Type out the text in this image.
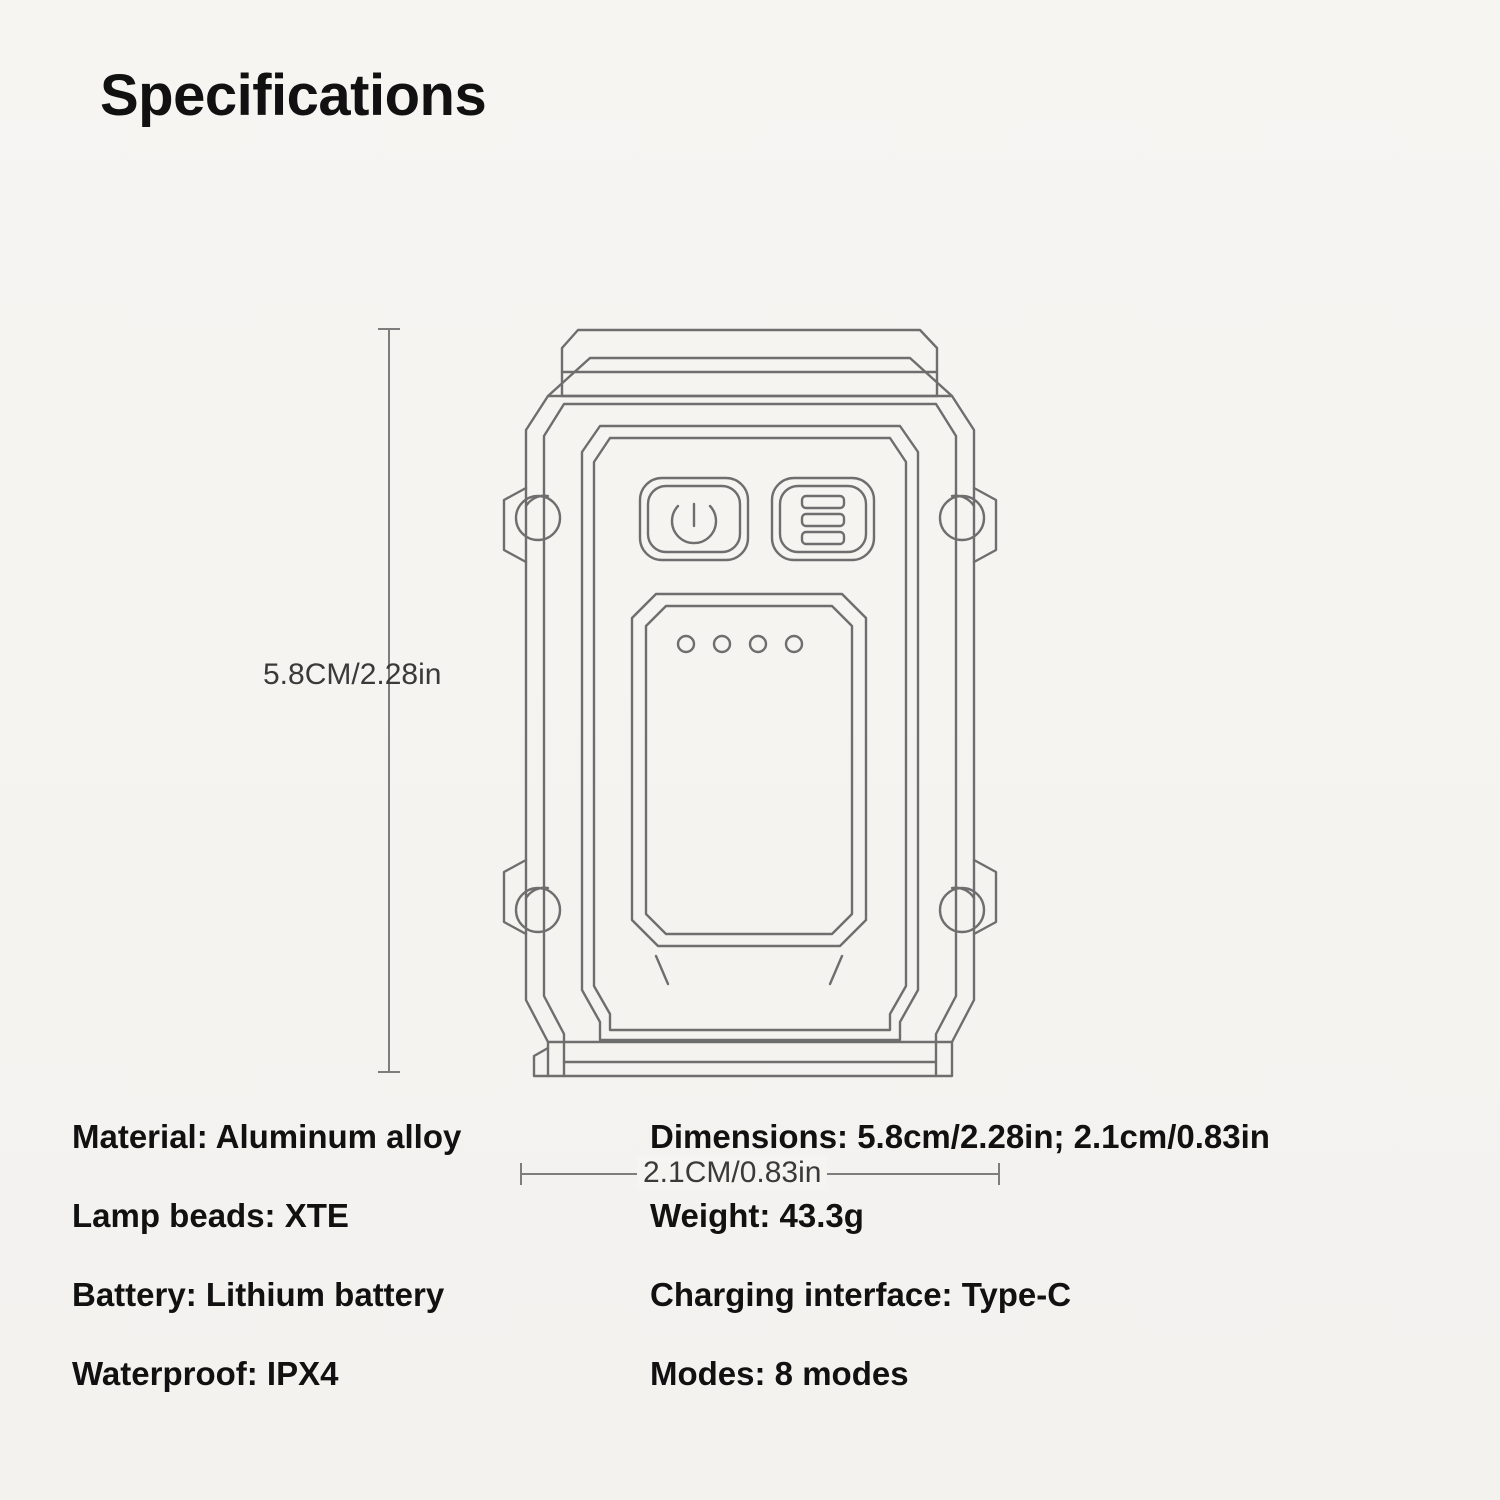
Specifications
5.8CM/2.28in
2.1CM/0.83in
Material: Aluminum alloy
Lamp beads: XTE
Battery: Lithium battery
Waterproof: IPX4
Dimensions: 5.8cm/2.28in; 2.1cm/0.83in
Weight: 43.3g
Charging interface: Type-C
Modes: 8 modes
